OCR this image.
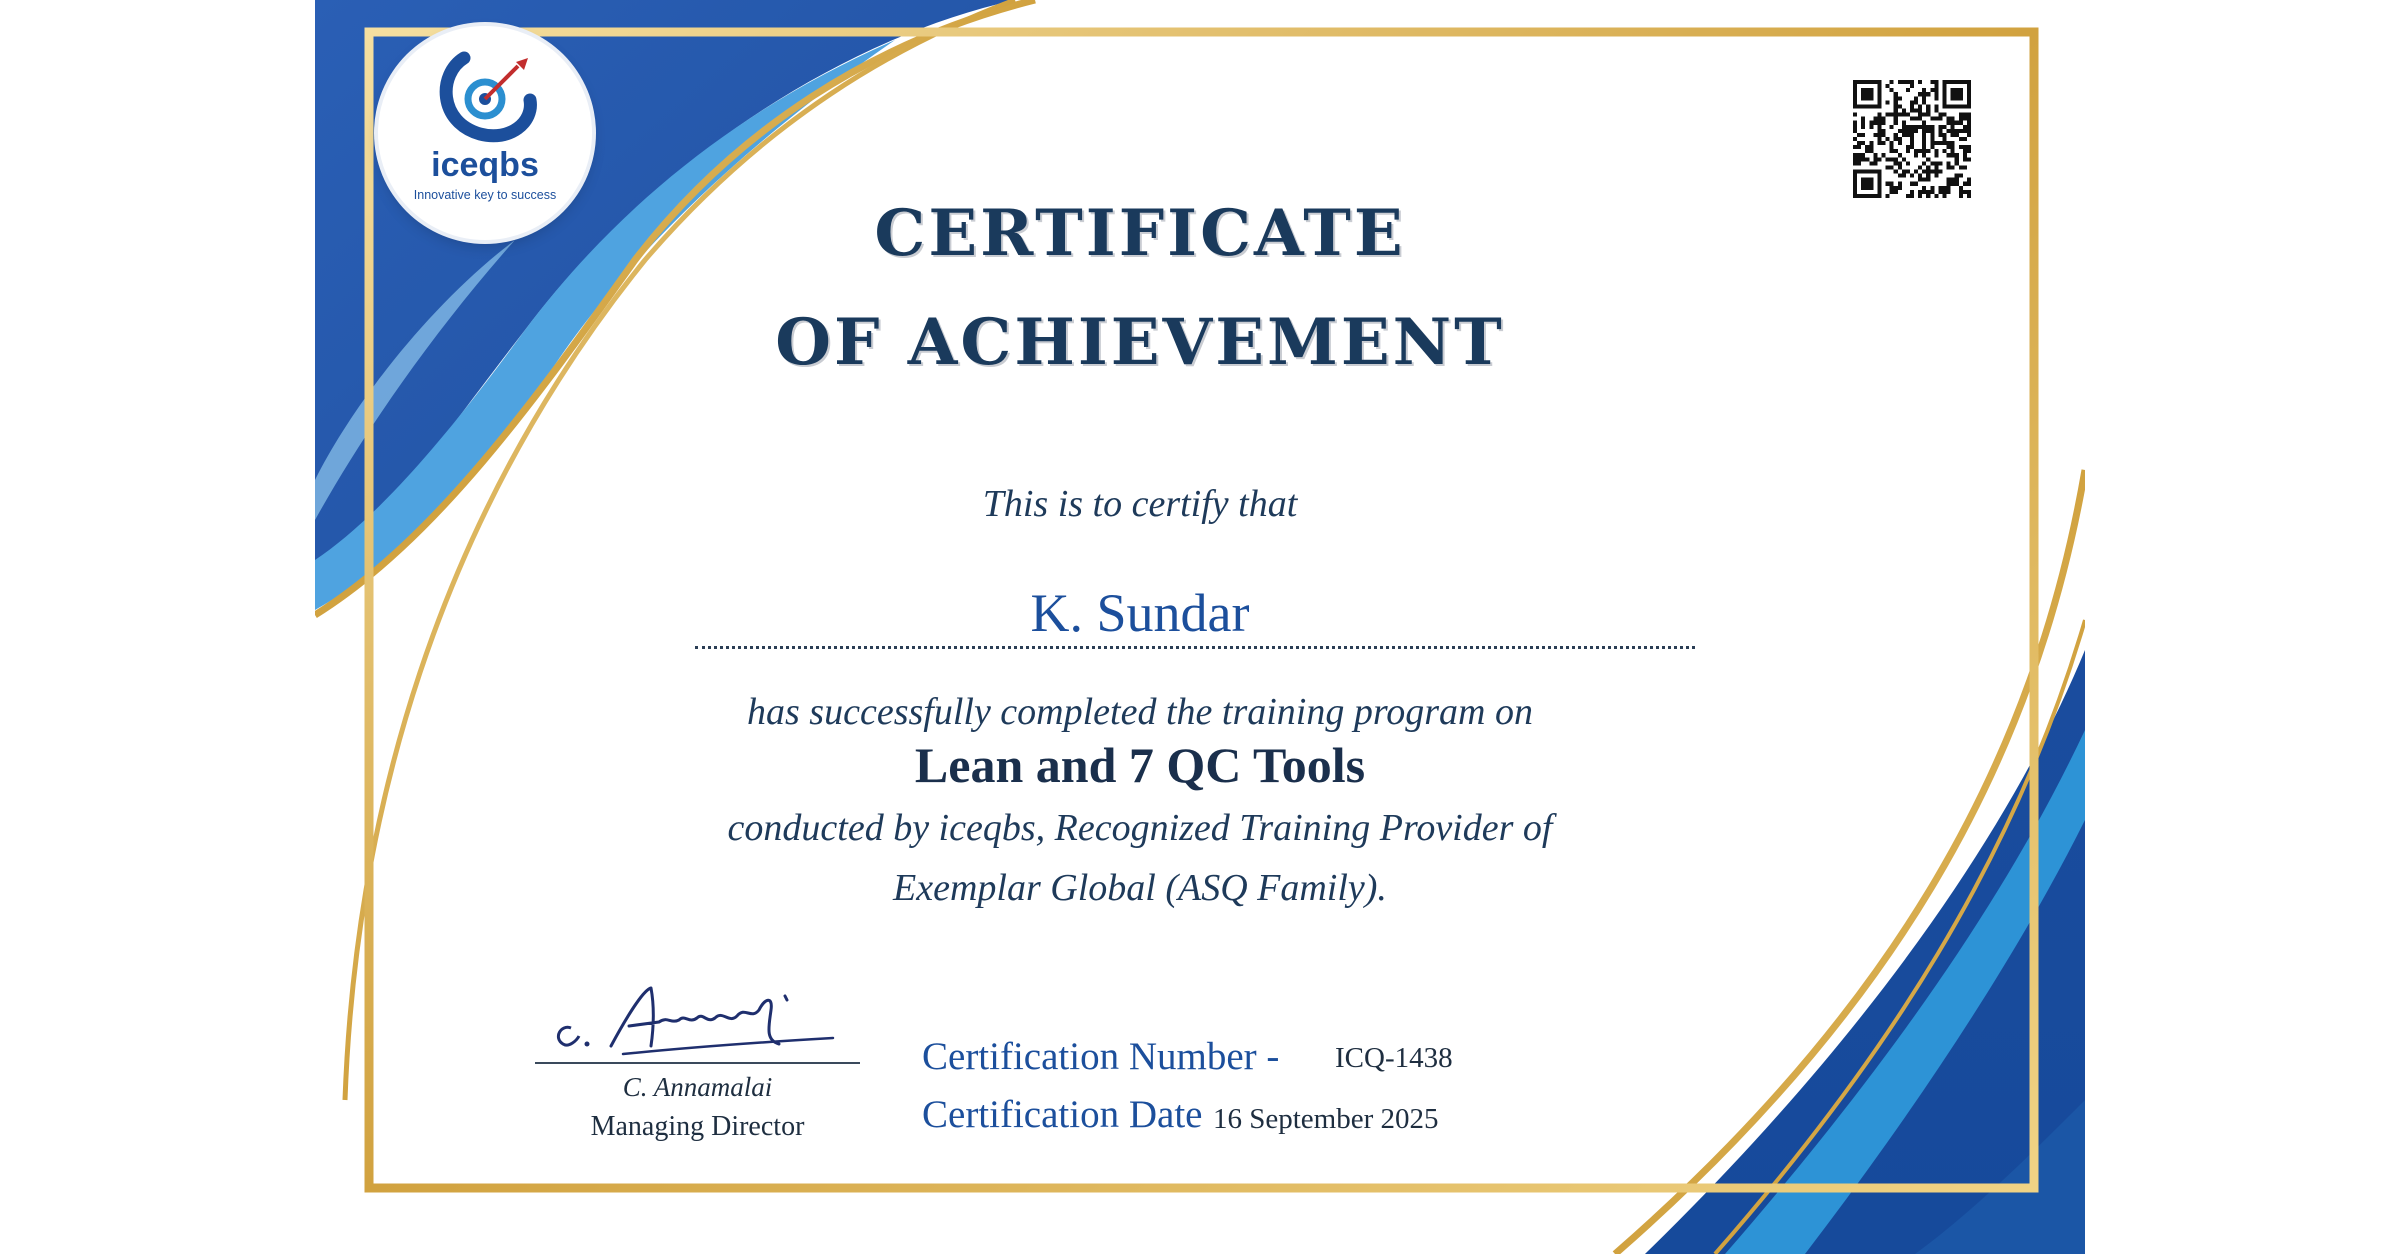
iceqbs
Innovative key to success
CERTIFICATE
OF ACHIEVEMENT
This is to certify that
K. Sundar
has successfully completed the training program on
Lean and 7 QC Tools
conducted by iceqbs, Recognized Training Provider of
Exemplar Global (ASQ Family).
C. Annamalai
Managing Director
Certification Number - ICQ-1438
Certification Date 16 September 2025
